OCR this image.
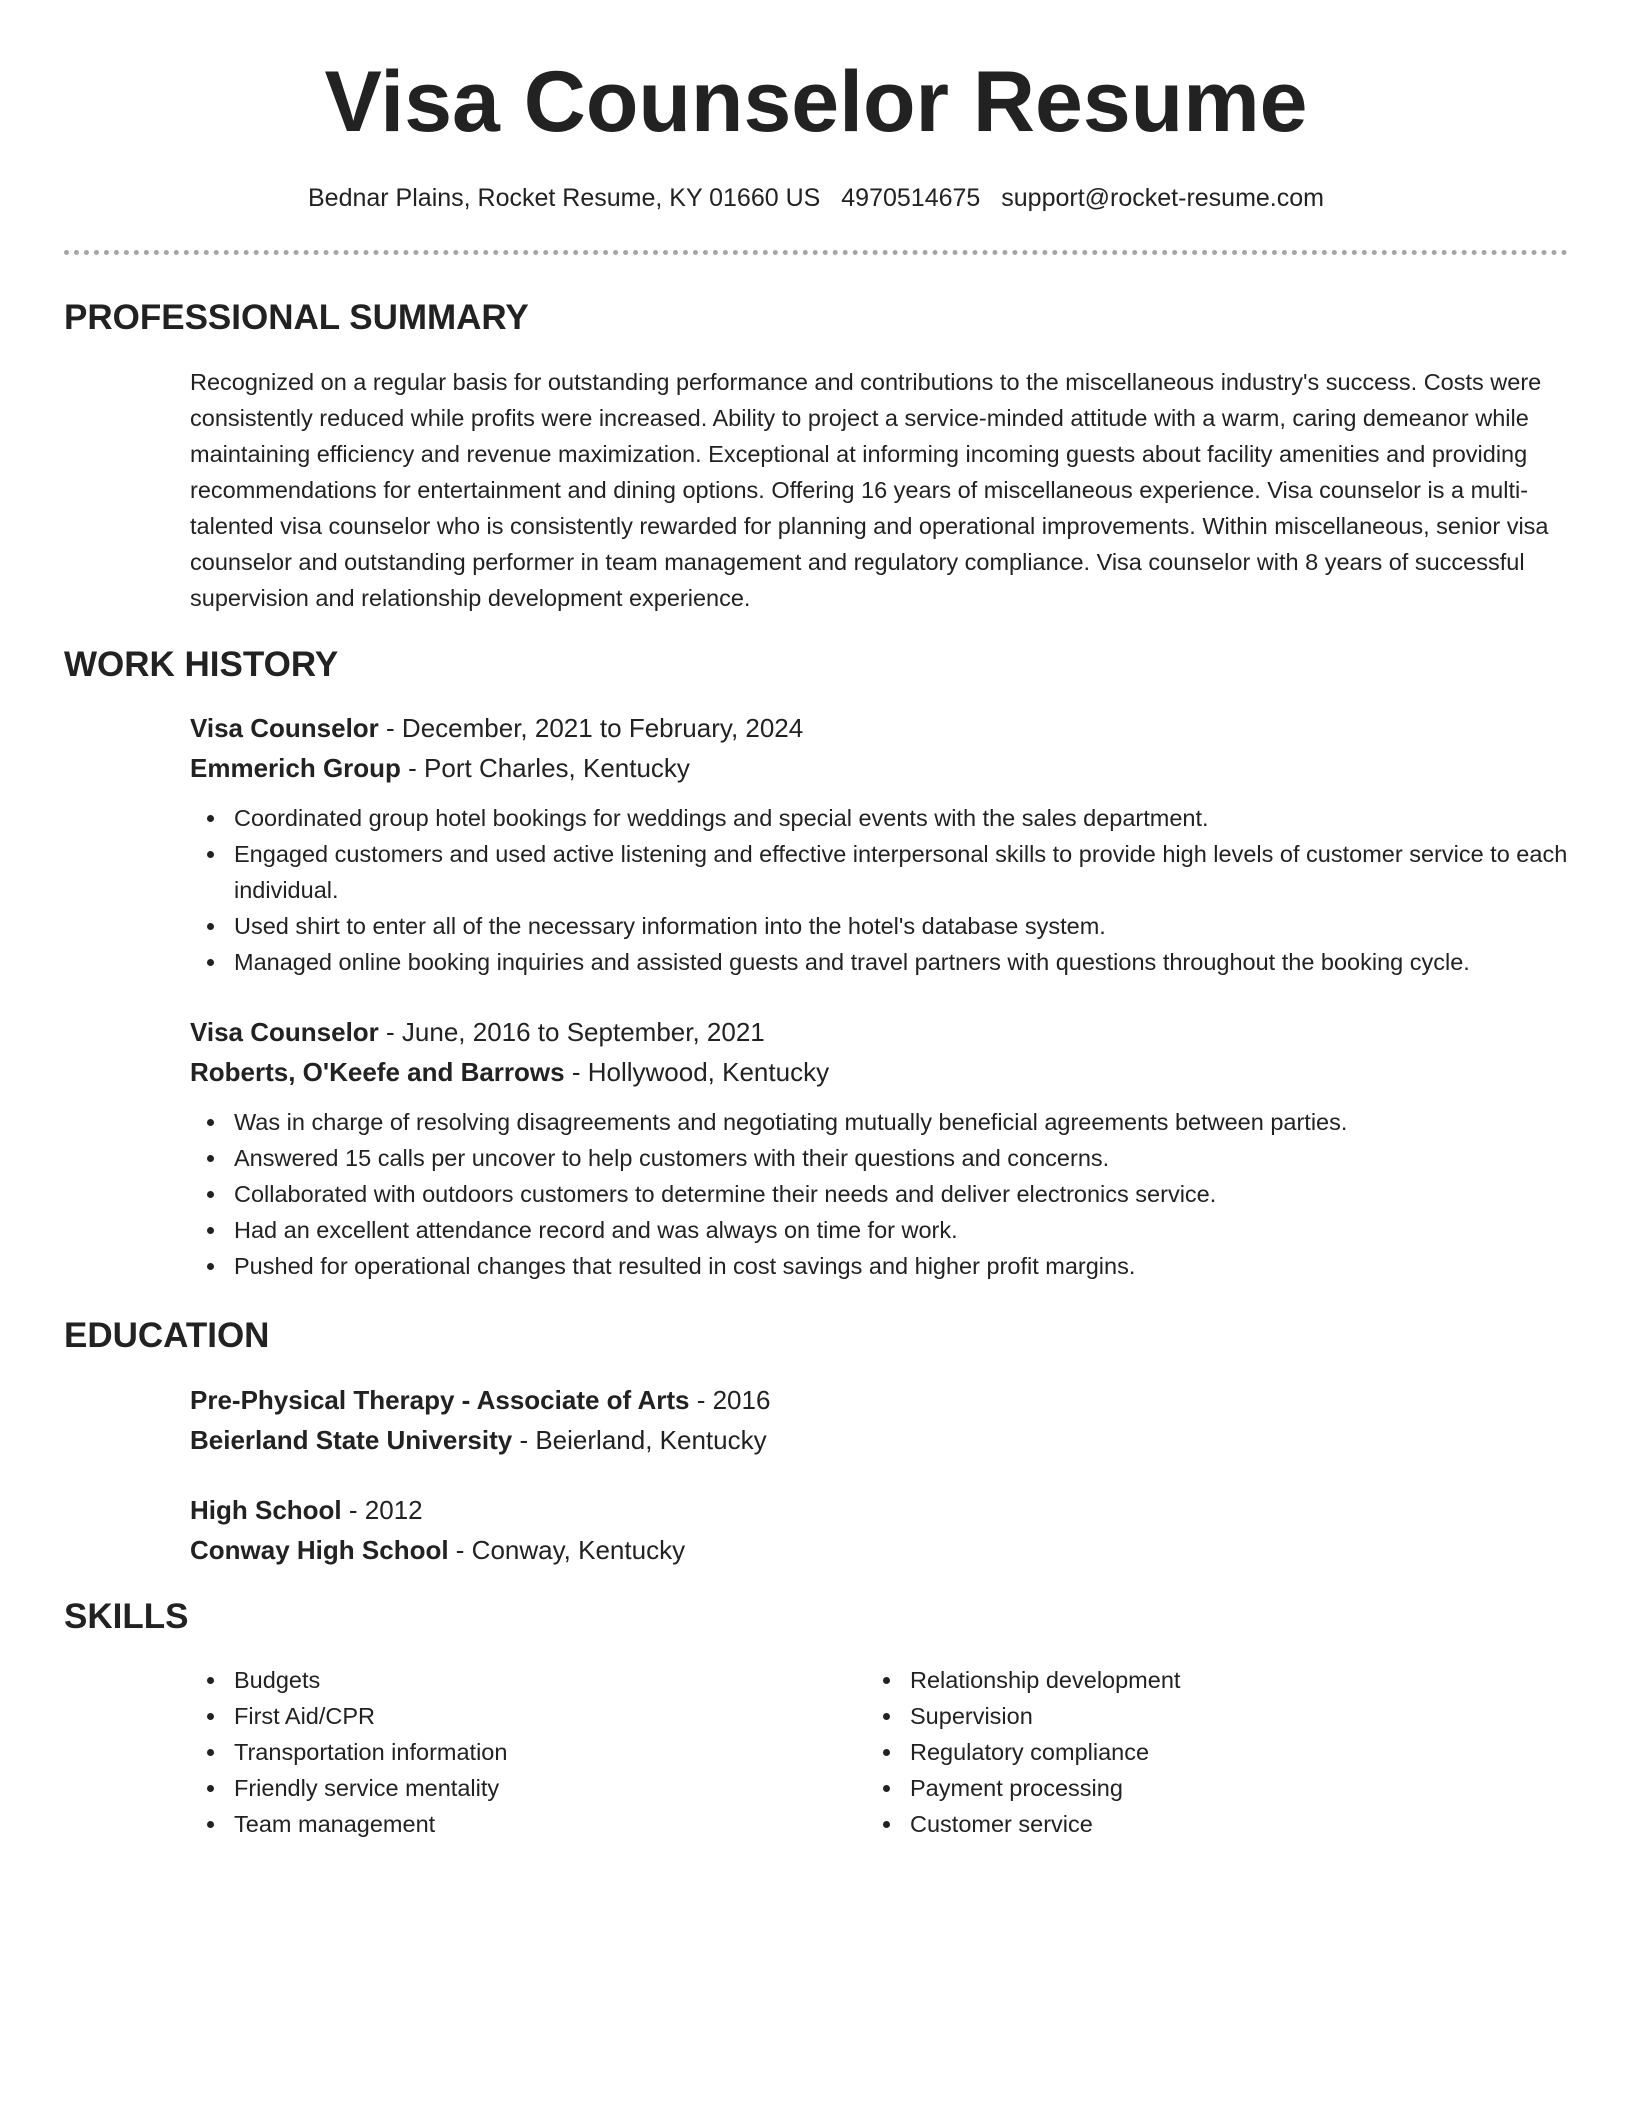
Visa Counselor Resume
Bednar Plains, Rocket Resume, KY 01660 US 4970514675 support@rocket-resume.com
PROFESSIONAL SUMMARY

Recognized on a regular basis for outstanding performance and contributions to the miscellaneous industry's success. Costs were consistently reduced while profits were increased. Ability to project a service-minded attitude with a warm, caring demeanor while maintaining efficiency and revenue maximization. Exceptional at informing incoming guests about facility amenities and providing recommendations for entertainment and dining options. Offering 16 years of miscellaneous experience. Visa counselor is a multi-talented visa counselor who is consistently rewarded for planning and operational improvements. Within miscellaneous, senior visa counselor and outstanding performer in team management and regulatory compliance. Visa counselor with 8 years of successful supervision and relationship development experience.

WORK HISTORY

Visa Counselor - December, 2021 to February, 2024

Emmerich Group - Port Charles, Kentucky

Coordinated group hotel bookings for weddings and special events with the sales department.
Engaged customers and used active listening and effective interpersonal skills to provide high levels of customer service to each individual.
Used shirt to enter all of the necessary information into the hotel's database system.
Managed online booking inquiries and assisted guests and travel partners with questions throughout the booking cycle.

Visa Counselor - June, 2016 to September, 2021

Roberts, O'Keefe and Barrows - Hollywood, Kentucky

Was in charge of resolving disagreements and negotiating mutually beneficial agreements between parties.
Answered 15 calls per uncover to help customers with their questions and concerns.
Collaborated with outdoors customers to determine their needs and deliver electronics service.
Had an excellent attendance record and was always on time for work.
Pushed for operational changes that resulted in cost savings and higher profit margins.
EDUCATION

Pre-Physical Therapy - Associate of Arts - 2016

Beierland State University - Beierland, Kentucky

High School - 2012

Conway High School - Conway, Kentucky

SKILLS
Budgets
First Aid/CPR
Transportation information
Friendly service mentality
Team management
Relationship development
Supervision
Regulatory compliance
Payment processing
Customer service
